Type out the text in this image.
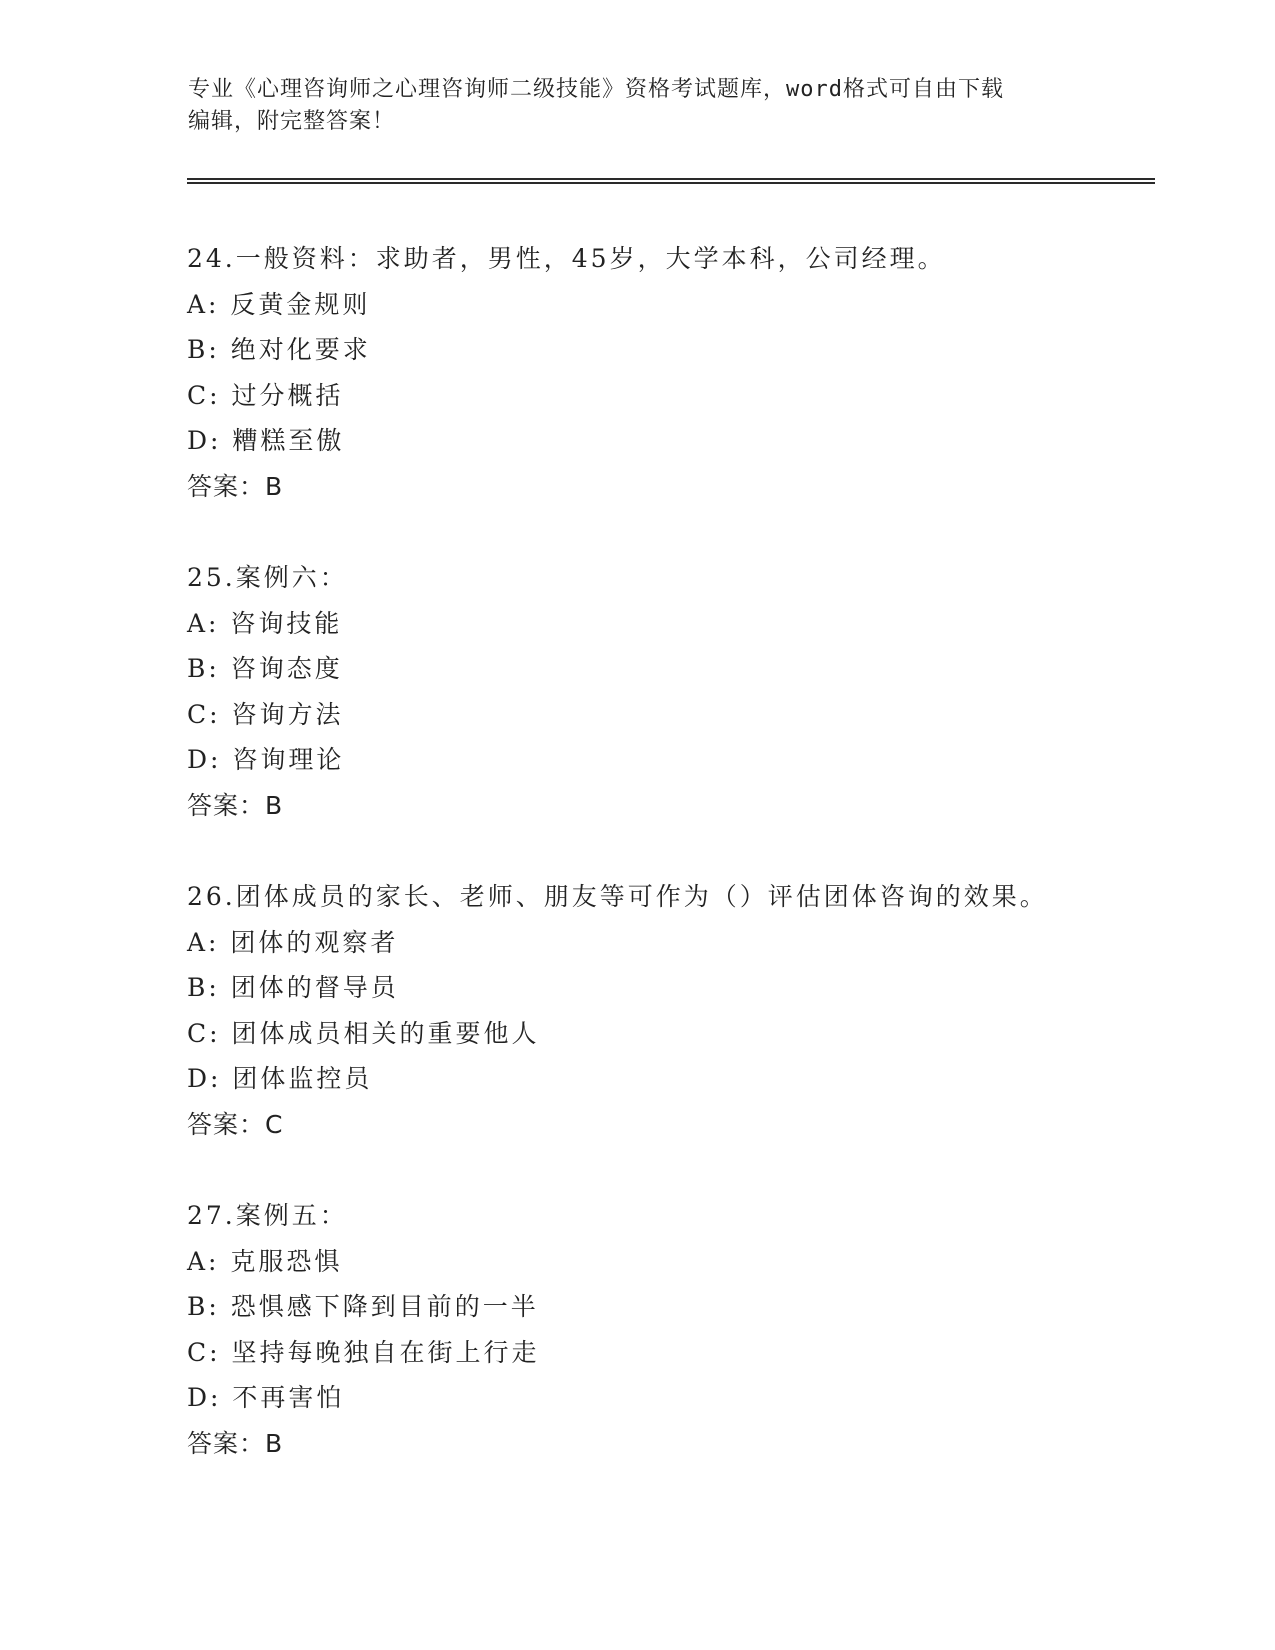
专业《心理咨询师之心理咨询师二级技能》资格考试题库，word格式可自由下载
编辑，附完整答案！
24.一般资料：求助者，男性，45岁，大学本科，公司经理。
A: 反黄金规则
B: 绝对化要求
C: 过分概括
D: 糟糕至傲
答案：B
25.案例六：
A: 咨询技能
B: 咨询态度
C: 咨询方法
D: 咨询理论
答案：B
26.团体成员的家长、老师、朋友等可作为（）评估团体咨询的效果。
A: 团体的观察者
B: 团体的督导员
C: 团体成员相关的重要他人
D: 团体监控员
答案：C
27.案例五：
A: 克服恐惧
B: 恐惧感下降到目前的一半
C: 坚持每晚独自在街上行走
D: 不再害怕
答案：B
